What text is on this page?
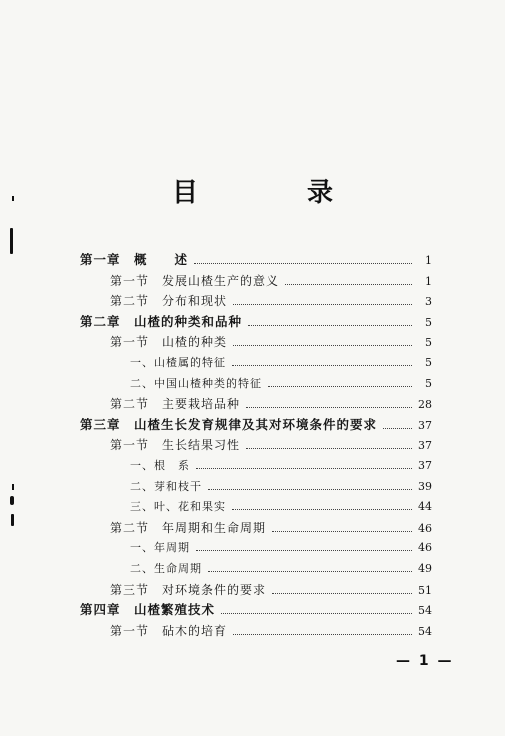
目 录
第一章　概　　述	1
第一节　发展山楂生产的意义	1
第二节　分布和现状	3
第二章　山楂的种类和品种	5
第一节　山楂的种类	5
一、山楂属的特征	5
二、中国山楂种类的特征	5
第二节　主要栽培品种	28
第三章　山楂生长发育规律及其对环境条件的要求	37
第一节　生长结果习性	37
一、根　系	37
二、芽和枝干	39
三、叶、花和果实	44
第二节　年周期和生命周期	46
一、年周期	46
二、生命周期	49
第三节　对环境条件的要求	51
第四章　山楂繁殖技术	54
第一节　砧木的培育	54
— 1 —
